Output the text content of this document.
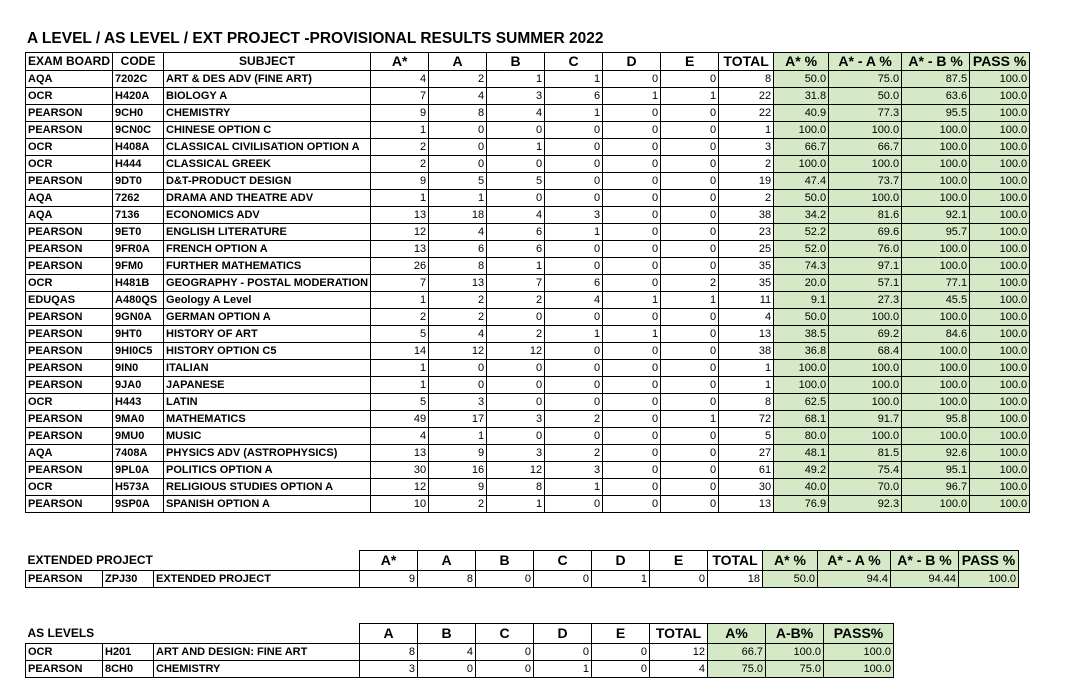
A LEVEL / AS LEVEL / EXT PROJECT -PROVISIONAL RESULTS SUMMER 2022
EXAM BOARD	CODE	SUBJECT	A*	A	B	C	D	E	TOTAL	A* %	A* - A %	A* - B %	PASS %
AQA	7202C	ART & DES ADV (FINE ART)	4	2	1	1	0	0	8	50.0	75.0	87.5	100.0
OCR	H420A	BIOLOGY A	7	4	3	6	1	1	22	31.8	50.0	63.6	100.0
PEARSON	9CH0	CHEMISTRY	9	8	4	1	0	0	22	40.9	77.3	95.5	100.0
PEARSON	9CN0C	CHINESE OPTION C	1	0	0	0	0	0	1	100.0	100.0	100.0	100.0
OCR	H408A	CLASSICAL CIVILISATION OPTION A	2	0	1	0	0	0	3	66.7	66.7	100.0	100.0
OCR	H444	CLASSICAL GREEK	2	0	0	0	0	0	2	100.0	100.0	100.0	100.0
PEARSON	9DT0	D&T-PRODUCT DESIGN	9	5	5	0	0	0	19	47.4	73.7	100.0	100.0
AQA	7262	DRAMA AND THEATRE ADV	1	1	0	0	0	0	2	50.0	100.0	100.0	100.0
AQA	7136	ECONOMICS ADV	13	18	4	3	0	0	38	34.2	81.6	92.1	100.0
PEARSON	9ET0	ENGLISH LITERATURE	12	4	6	1	0	0	23	52.2	69.6	95.7	100.0
PEARSON	9FR0A	FRENCH OPTION A	13	6	6	0	0	0	25	52.0	76.0	100.0	100.0
PEARSON	9FM0	FURTHER MATHEMATICS	26	8	1	0	0	0	35	74.3	97.1	100.0	100.0
OCR	H481B	GEOGRAPHY - POSTAL MODERATION	7	13	7	6	0	2	35	20.0	57.1	77.1	100.0
EDUQAS	A480QS	Geology A Level	1	2	2	4	1	1	11	9.1	27.3	45.5	100.0
PEARSON	9GN0A	GERMAN OPTION A	2	2	0	0	0	0	4	50.0	100.0	100.0	100.0
PEARSON	9HT0	HISTORY OF ART	5	4	2	1	1	0	13	38.5	69.2	84.6	100.0
PEARSON	9HI0C5	HISTORY OPTION C5	14	12	12	0	0	0	38	36.8	68.4	100.0	100.0
PEARSON	9IN0	ITALIAN	1	0	0	0	0	0	1	100.0	100.0	100.0	100.0
PEARSON	9JA0	JAPANESE	1	0	0	0	0	0	1	100.0	100.0	100.0	100.0
OCR	H443	LATIN	5	3	0	0	0	0	8	62.5	100.0	100.0	100.0
PEARSON	9MA0	MATHEMATICS	49	17	3	2	0	1	72	68.1	91.7	95.8	100.0
PEARSON	9MU0	MUSIC	4	1	0	0	0	0	5	80.0	100.0	100.0	100.0
AQA	7408A	PHYSICS ADV (ASTROPHYSICS)	13	9	3	2	0	0	27	48.1	81.5	92.6	100.0
PEARSON	9PL0A	POLITICS OPTION A	30	16	12	3	0	0	61	49.2	75.4	95.1	100.0
OCR	H573A	RELIGIOUS STUDIES OPTION A	12	9	8	1	0	0	30	40.0	70.0	96.7	100.0
PEARSON	9SP0A	SPANISH OPTION A	10	2	1	0	0	0	13	76.9	92.3	100.0	100.0
EXTENDED PROJECT			A*	A	B	C	D	E	TOTAL	A* %	A* - A %	A* - B %	PASS %
PEARSON	ZPJ30	EXTENDED PROJECT	9	8	0	0	1	0	18	50.0	94.4	94.44	100.0
AS LEVELS			A	B	C	D	E	TOTAL	A%	A-B%	PASS%
OCR	H201	ART AND DESIGN: FINE ART	8	4	0	0	0	12	66.7	100.0	100.0
PEARSON	8CH0	CHEMISTRY	3	0	0	1	0	4	75.0	75.0	100.0
